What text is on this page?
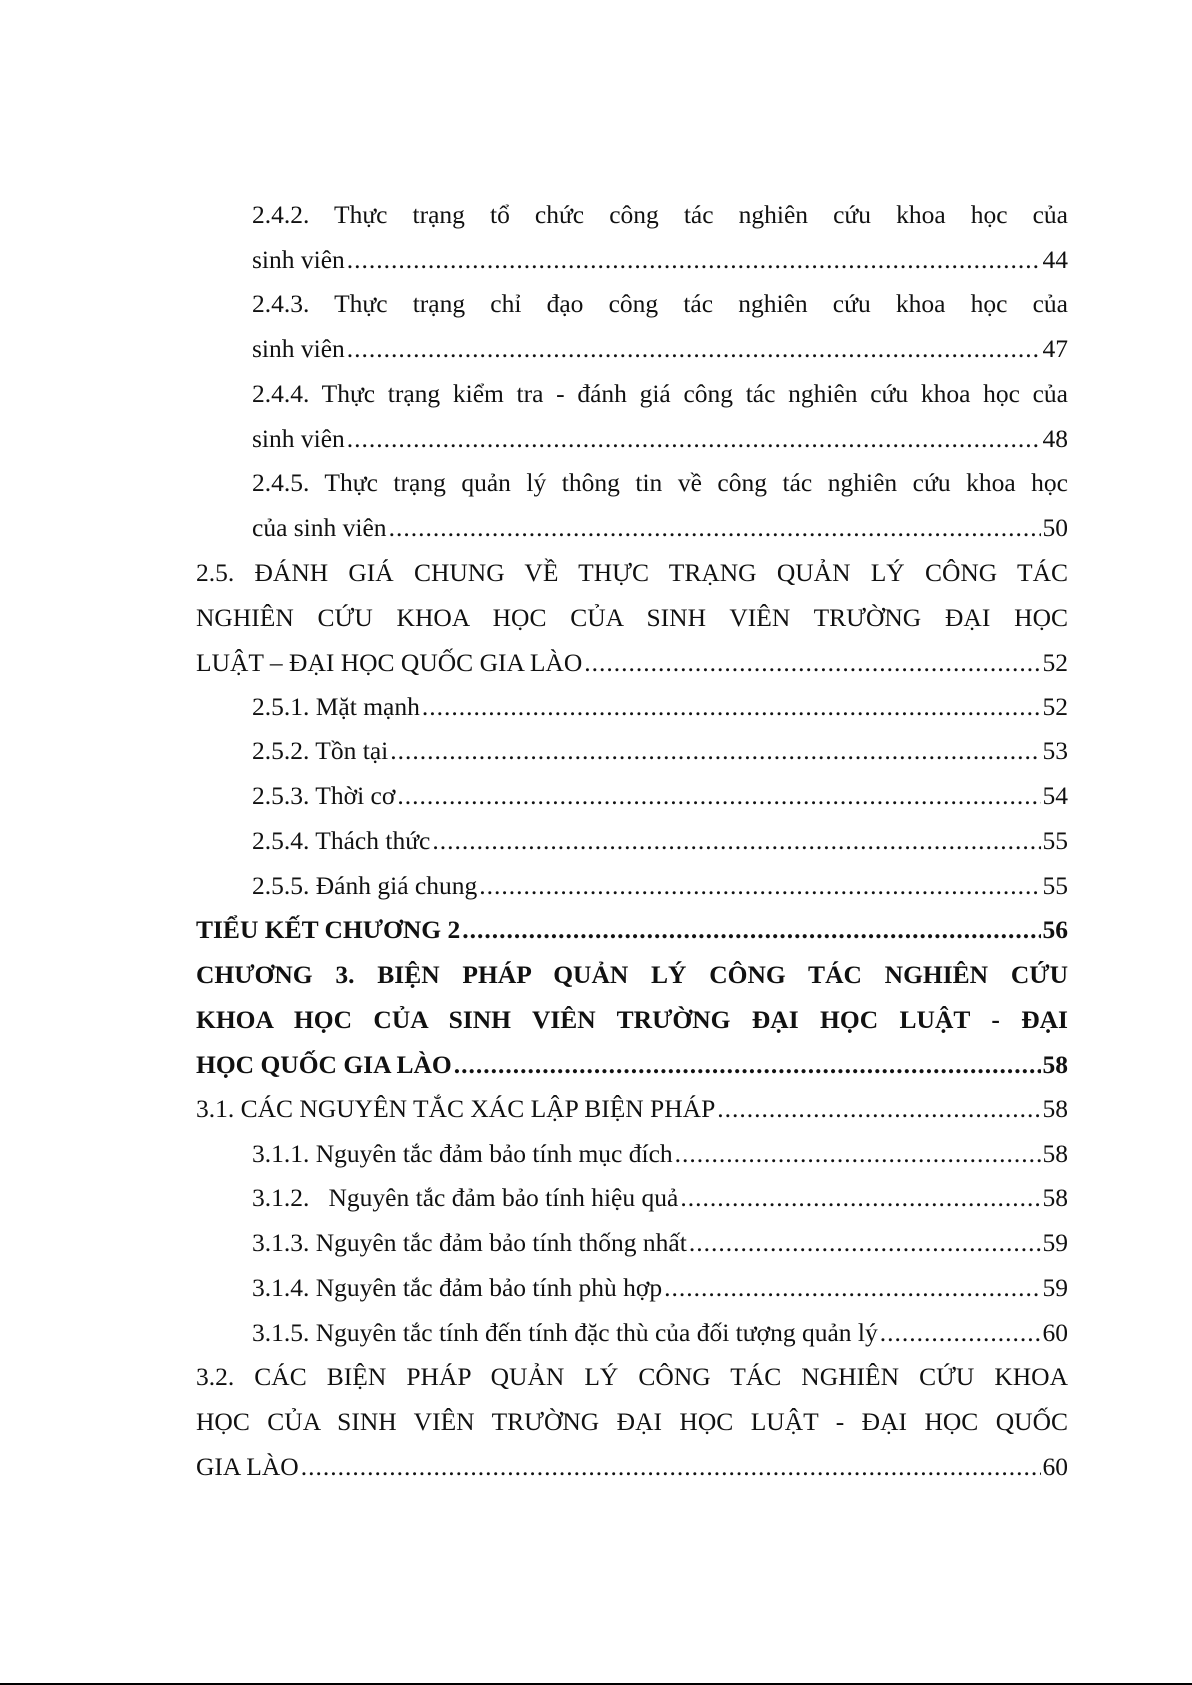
2.4.2. Thực trạng tổ chức công tác nghiên cứu khoa học của
sinh viên .....	44
2.4.3. Thực trạng chỉ đạo công tác nghiên cứu khoa học của
sinh viên .....	47
2.4.4. Thực trạng kiểm tra - đánh giá công tác nghiên cứu khoa học của
sinh viên .....	48
2.4.5. Thực trạng quản lý thông tin về công tác nghiên cứu khoa học
của sinh viên .....	50
2.5. ĐÁNH GIÁ CHUNG VỀ THỰC TRẠNG QUẢN LÝ CÔNG TÁC
NGHIÊN CỨU KHOA HỌC CỦA SINH VIÊN TRƯỜNG ĐẠI HỌC
LUẬT – ĐẠI HỌC QUỐC GIA LÀO .....	52
2.5.1. Mặt mạnh .....	52
2.5.2. Tồn tại .....	53
2.5.3. Thời cơ .....	54
2.5.4. Thách thức .....	55
2.5.5. Đánh giá chung .....	55
TIỂU KẾT CHƯƠNG 2 .....	56
CHƯƠNG 3. BIỆN PHÁP QUẢN LÝ CÔNG TÁC NGHIÊN CỨU
KHOA HỌC CỦA SINH VIÊN TRƯỜNG ĐẠI HỌC LUẬT - ĐẠI
HỌC QUỐC GIA LÀO .....	58
3.1. CÁC NGUYÊN TẮC XÁC LẬP BIỆN PHÁP .....	58
3.1.1. Nguyên tắc đảm bảo tính mục đích .....	58
3.1.2.   Nguyên tắc đảm bảo tính hiệu quả .....	58
3.1.3. Nguyên tắc đảm bảo tính thống nhất .....	59
3.1.4. Nguyên tắc đảm bảo tính phù hợp .....	59
3.1.5. Nguyên tắc tính đến tính đặc thù của đối tượng quản lý .....	60
3.2. CÁC BIỆN PHÁP QUẢN LÝ CÔNG TÁC NGHIÊN CỨU KHOA
HỌC CỦA SINH VIÊN TRƯỜNG ĐẠI HỌC LUẬT - ĐẠI HỌC QUỐC
GIA LÀO .....	60
